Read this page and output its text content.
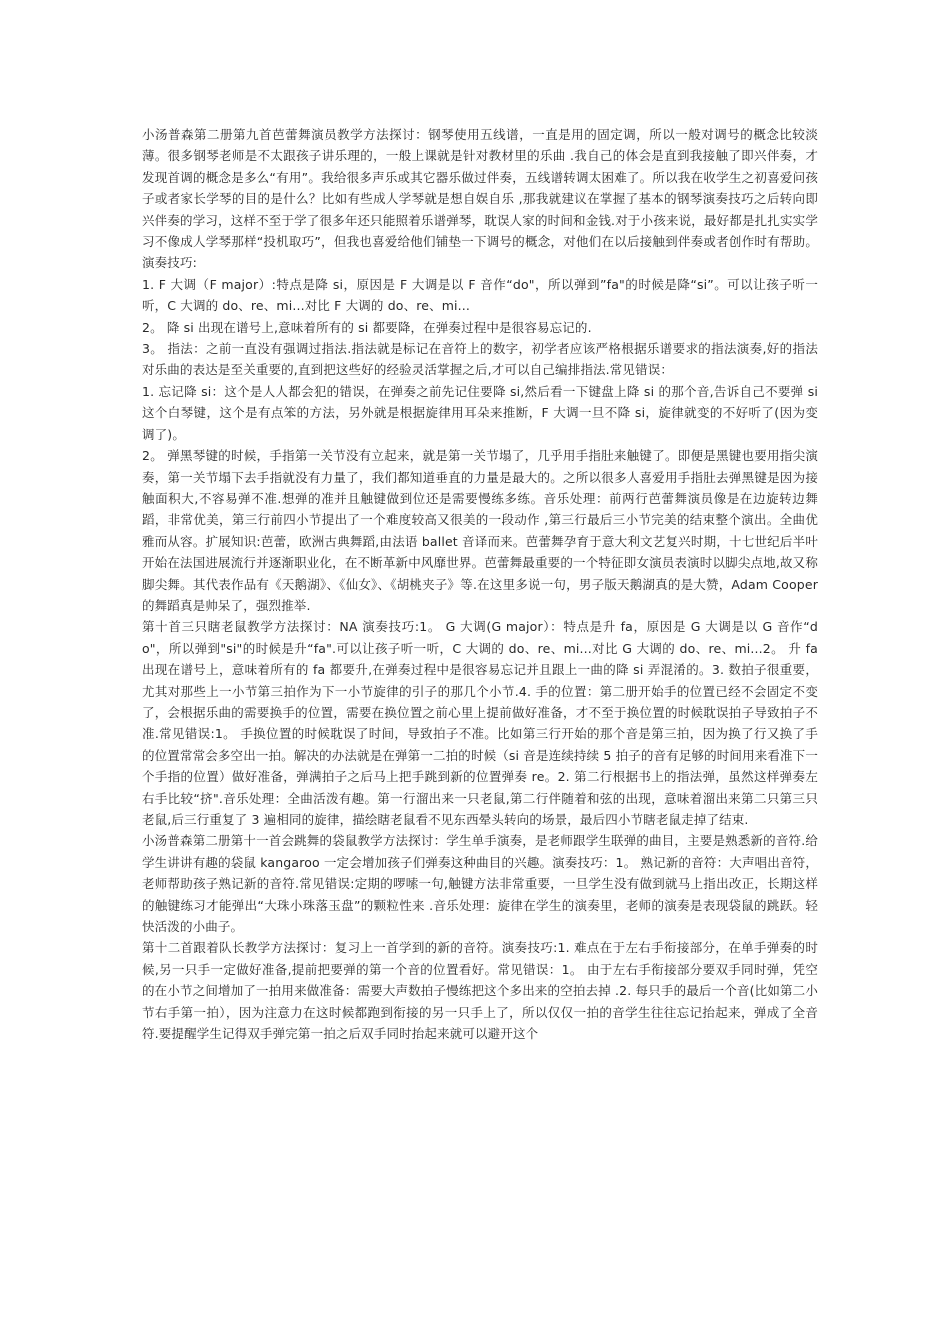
小汤普森第二册第九首芭蕾舞演员教学方法探讨：钢琴使用五线谱，一直是用的固定调，所以一般对调号的概念比较淡薄。很多钢琴老师是不太跟孩子讲乐理的，一般上课就是针对教材里的乐曲 .我自己的体会是直到我接触了即兴伴奏，才发现首调的概念是多么“有用”。我给很多声乐或其它器乐做过伴奏，五线谱转调太困难了。所以我在收学生之初喜爱问孩子或者家长学琴的目的是什么？比如有些成人学琴就是想自娱自乐 ,那我就建议在掌握了基本的钢琴演奏技巧之后转向即兴伴奏的学习，这样不至于学了很多年还只能照着乐谱弹琴，耽误人家的时间和金钱.对于小孩来说，最好都是扎扎实实学习不像成人学琴那样“投机取巧”，但我也喜爱给他们铺垫一下调号的概念，对他们在以后接触到伴奏或者创作时有帮助。演奏技巧:

1. F 大调（F major）:特点是降 si，原因是 F 大调是以 F 音作“do"，所以弹到”fa"的时候是降“si”。可以让孩子听一听，C 大调的 do、re、mi...对比 F 大调的 do、re、mi...

2。 降 si 出现在谱号上,意味着所有的 si 都要降，在弹奏过程中是很容易忘记的.

3。 指法：之前一直没有强调过指法.指法就是标记在音符上的数字，初学者应该严格根据乐谱要求的指法演奏,好的指法对乐曲的表达是至关重要的,直到把这些好的经验灵活掌握之后,才可以自己编排指法.常见错误：

1. 忘记降 si：这个是人人都会犯的错误，在弹奏之前先记住要降 si,然后看一下键盘上降 si 的那个音,告诉自己不要弹 si 这个白琴键，这个是有点笨的方法，另外就是根据旋律用耳朵来推断，F 大调一旦不降 si，旋律就变的不好听了(因为变调了)。

2。 弹黑琴键的时候，手指第一关节没有立起来，就是第一关节塌了，几乎用手指肚来触键了。即便是黑键也要用指尖演奏，第一关节塌下去手指就没有力量了，我们都知道垂直的力量是最大的。之所以很多人喜爱用手指肚去弹黑键是因为接触面积大,不容易弹不准.想弹的准并且触键做到位还是需要慢练多练。音乐处理：前两行芭蕾舞演员像是在边旋转边舞蹈，非常优美，第三行前四小节提出了一个难度较高又很美的一段动作 ,第三行最后三小节完美的结束整个演出。全曲优雅而从容。扩展知识:芭蕾，欧洲古典舞蹈,由法语 ballet 音译而来。芭蕾舞孕育于意大利文艺复兴时期，十七世纪后半叶开始在法国进展流行并逐渐职业化，在不断革新中风靡世界。芭蕾舞最重要的一个特征即女演员表演时以脚尖点地,故又称脚尖舞。其代表作品有《天鹅湖》、《仙女》、《胡桃夹子》等.在这里多说一句，男子版天鹅湖真的是大赞，Adam Cooper 的舞蹈真是帅呆了，强烈推举.

第十首三只瞎老鼠教学方法探讨：NA 演奏技巧:1。 G 大调(G major）：特点是升 fa，原因是 G 大调是以 G 音作“do"，所以弹到"si"的时候是升“fa".可以让孩子听一听，C 大调的 do、re、mi...对比 G 大调的 do、re、mi...2。 升 fa 出现在谱号上，意味着所有的 fa 都要升,在弹奏过程中是很容易忘记并且跟上一曲的降 si 弄混淆的。3. 数拍子很重要，尤其对那些上一小节第三拍作为下一小节旋律的引子的那几个小节.4. 手的位置：第二册开始手的位置已经不会固定不变了，会根据乐曲的需要换手的位置，需要在换位置之前心里上提前做好准备，才不至于换位置的时候耽误拍子导致拍子不准.常见错误:1。 手换位置的时候耽误了时间，导致拍子不准。比如第三行开始的那个音是第三拍，因为换了行又换了手的位置常常会多空出一拍。解决的办法就是在弹第一二拍的时候（si 音是连续持续 5 拍子的音有足够的时间用来看准下一个手指的位置）做好准备，弹满拍子之后马上把手跳到新的位置弹奏 re。2. 第二行根据书上的指法弹，虽然这样弹奏左右手比较“挤".音乐处理：全曲活泼有趣。第一行溜出来一只老鼠,第二行伴随着和弦的出现，意味着溜出来第二只第三只老鼠,后三行重复了 3 遍相同的旋律，描绘瞎老鼠看不见东西晕头转向的场景，最后四小节瞎老鼠走掉了结束.

小汤普森第二册第十一首会跳舞的袋鼠教学方法探讨：学生单手演奏，是老师跟学生联弹的曲目，主要是熟悉新的音符.给学生讲讲有趣的袋鼠 kangaroo 一定会增加孩子们弹奏这种曲目的兴趣。演奏技巧：1。 熟记新的音符：大声唱出音符，老师帮助孩子熟记新的音符.常见错误:定期的啰嗦一句,触键方法非常重要，一旦学生没有做到就马上指出改正，长期这样的触键练习才能弹出“大珠小珠落玉盘”的颗粒性来 .音乐处理：旋律在学生的演奏里，老师的演奏是表现袋鼠的跳跃。轻快活泼的小曲子。

第十二首跟着队长教学方法探讨：复习上一首学到的新的音符。演奏技巧:1. 难点在于左右手衔接部分，在单手弹奏的时候,另一只手一定做好准备,提前把要弹的第一个音的位置看好。常见错误：1。 由于左右手衔接部分要双手同时弹，凭空的在小节之间增加了一拍用来做准备：需要大声数拍子慢练把这个多出来的空拍去掉 .2. 每只手的最后一个音(比如第二小节右手第一拍），因为注意力在这时候都跑到衔接的另一只手上了，所以仅仅一拍的音学生往往忘记抬起来，弹成了全音符.要提醒学生记得双手弹完第一拍之后双手同时抬起来就可以避开这个
